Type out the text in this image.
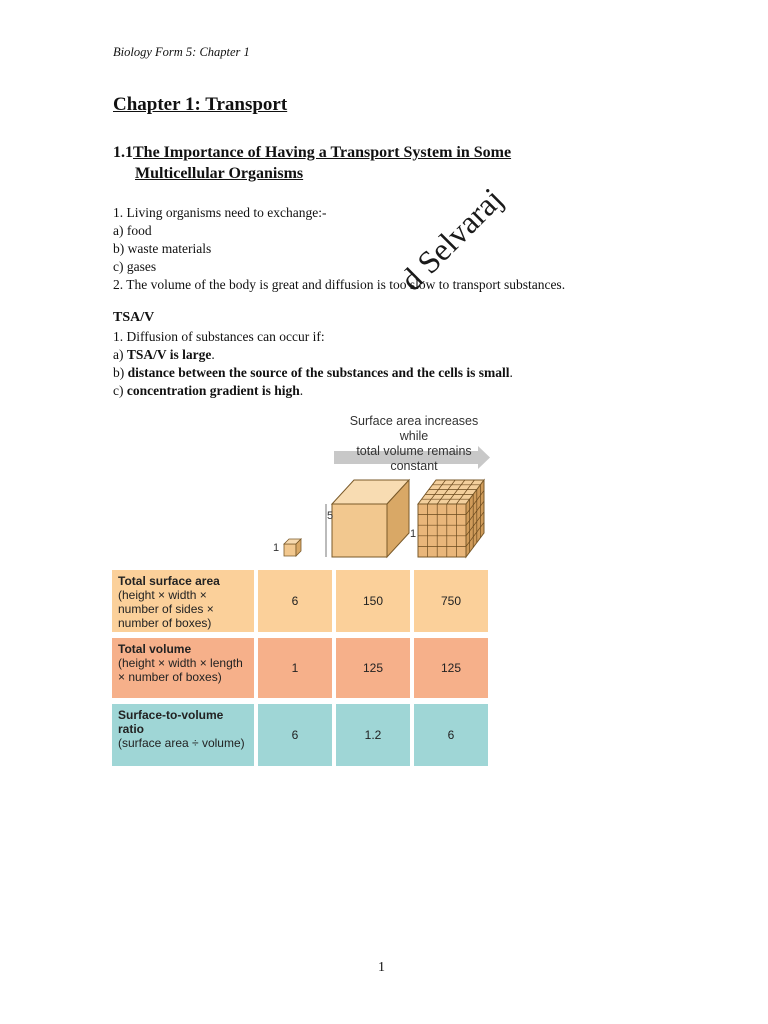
Biology Form 5: Chapter 1
Chapter 1: Transport
1.1The Importance of Having a Transport System in Some
Multicellular Organisms
1. Living organisms need to exchange:-
a) food
b) waste materials
c) gases
2. The volume of the body is great and diffusion is too slow to transport substances.
TSA/V
1. Diffusion of substances can occur if:
a) TSA/V is large.
b) distance between the source of the substances and the cells is small.
c) concentration gradient is high.
Surface area increases while
total volume remains constant
1
5
1
Total surface area
(height × width ×
number of sides ×
number of boxes)
6	150	750
Total volume
(height × width × length
× number of boxes)
1	125	125
Surface-to-volume
ratio
(surface area ÷ volume)
6	1.2	6
d Selvaraj
1
